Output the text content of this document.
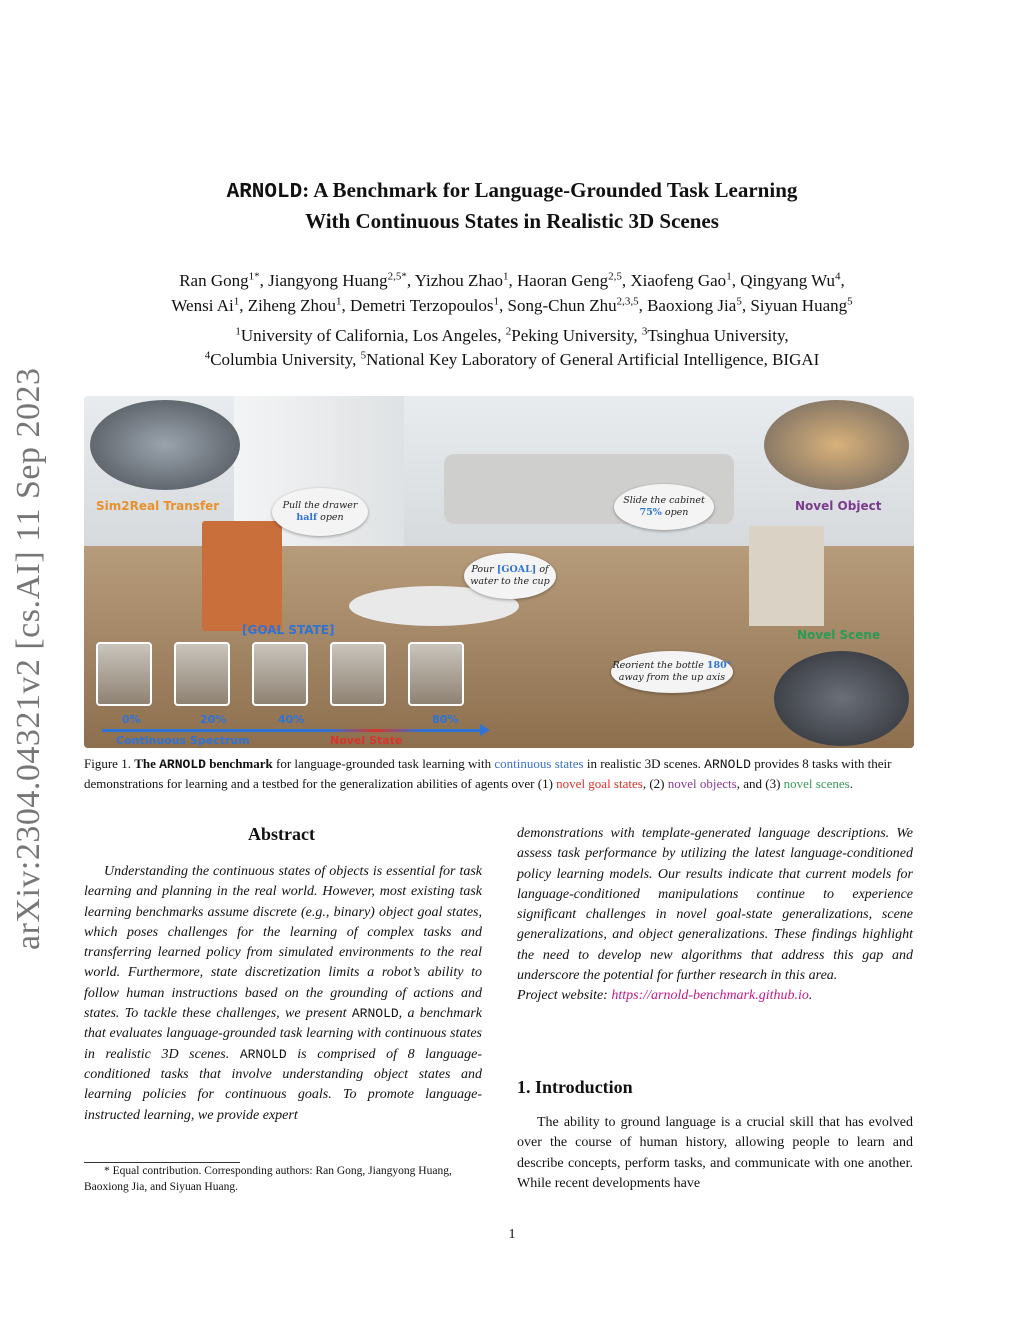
ARNOLD: A Benchmark for Language-Grounded Task Learning
With Continuous States in Realistic 3D Scenes
Ran Gong$^{1*}$, Jiangyong Huang$^{2,5*}$, Yizhou Zhao$^1$, Haoran Geng$^{2,5}$, Xiaofeng Gao$^1$, Qingyang Wu$^4$,
Wensi Ai$^1$, Ziheng Zhou$^1$, Demetri Terzopoulos$^1$, Song-Chun Zhu$^{2,3,5}$, Baoxiong Jia$^5$, Siyuan Huang$^5$
$^1$University of California, Los Angeles, $^2$Peking University, $^3$Tsinghua University,
$^4$Columbia University, $^5$National Key Laboratory of General Artificial Intelligence, BIGAI
arXiv:2304.04321v2 [cs.AI] 11 Sep 2023	Sim2Real Transfer	Novel Object
Novel Scene
[GOAL STATE]
Pull the drawer
half open
Slide the cabinet
75% open
Pour [GOAL] of water to the cup
Reorient the bottle 180°
away from the up axis
0%	20%	40%	80%
Continuous Spectrum	Novel State
Figure 1. The ARNOLD benchmark for language-grounded task learning with continuous states in realistic 3D scenes. ARNOLD provides 8 tasks with their demonstrations for learning and a testbed for the generalization abilities of agents over (1) novel goal states, (2) novel objects, and (3) novel scenes.
Abstract
Understanding the continuous states of objects is essential for task learning and planning in the real world. However, most existing task learning benchmarks assume discrete (e.g., binary) object goal states, which poses challenges for the learning of complex tasks and transferring learned policy from simulated environments to the real world. Furthermore, state discretization limits a robot’s ability to follow human instructions based on the grounding of actions and states. To tackle these challenges, we present ARNOLD, a benchmark that evaluates language-grounded task learning with continuous states in realistic 3D scenes. ARNOLD is comprised of 8 language-conditioned tasks that involve understanding object states and learning policies for continuous goals. To promote language-instructed learning, we provide expert
demonstrations with template-generated language descriptions. We assess task performance by utilizing the latest language-conditioned policy learning models. Our results indicate that current models for language-conditioned manipulations continue to experience significant challenges in novel goal-state generalizations, scene generalizations, and object generalizations. These findings highlight the need to develop new algorithms that address this gap and underscore the potential for further research in this area.
Project website: https://arnold-benchmark.github.io.
1. Introduction
The ability to ground language is a crucial skill that has evolved over the course of human history, allowing people to learn and describe concepts, perform tasks, and communicate with one another. While recent developments have
* Equal contribution. Corresponding authors: Ran Gong, Jiangyong Huang, Baoxiong Jia, and Siyuan Huang.
1
